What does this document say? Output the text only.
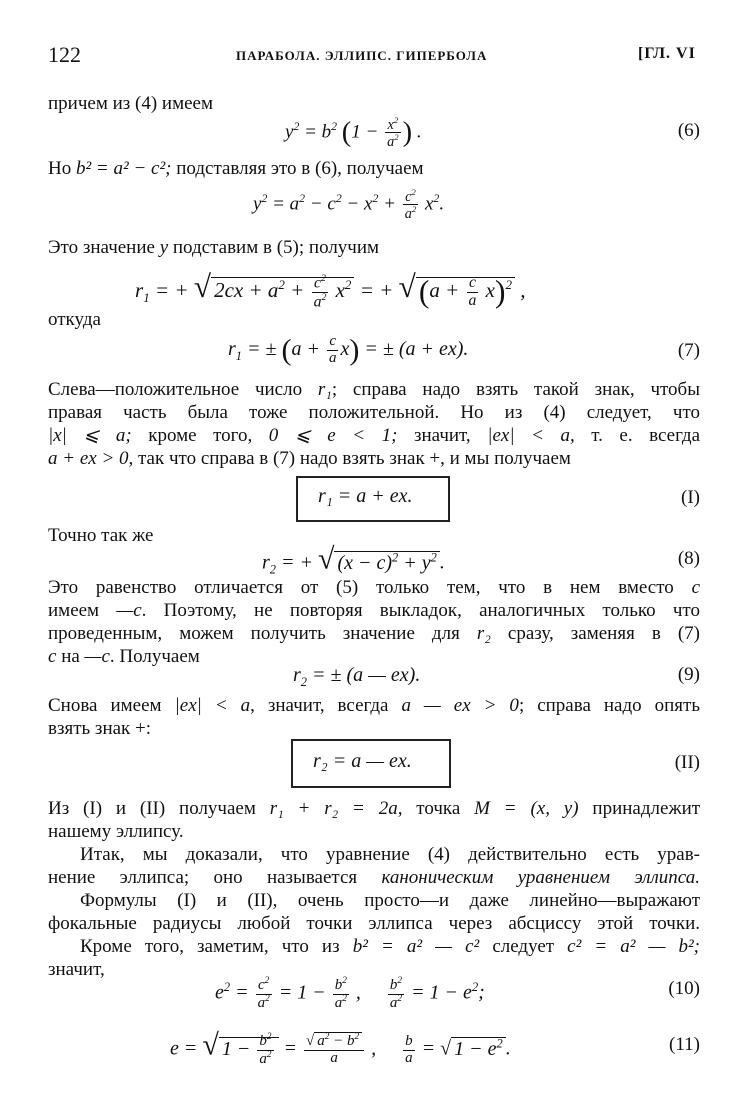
122	ПАРАБОЛА. ЭЛЛИПС. ГИПЕРБОЛА	[ГЛ. VI
причем из (4) имеем
$y^2 = b^2$ ($1 - \frac{x^2}{a^2}$ ) .	(6)
Но b² = a² − c²; подставляя это в (6), получаем
$y^2 = a^2 - c^2 - x^2 + \frac{c^2}{a^2} x^2$.
Это значение y подставим в (5); получим
$r_1$ = + √ $2cx + a^2 + \frac{c^2}{a^2} x^2$ = + $√(a + \frac{c}{a} x)^2$ ,
откуда
$r_1$ = ± $(a + \frac{c}{a} x)$ = ± (a + ex).	(7)
Слева—положительное число r₁; справа надо взять такой знак, чтобы
правая часть была тоже положительной. Но из (4) следует, что
|x| ⩽ a; кроме того, 0 ⩽ e < 1; значит, |ex| < a, т. е. всегда
a + ex > 0, так что справа в (7) надо взять знак +, и мы получаем
r₁ = a + ex.	(I)
Точно так же
$r_2$ = + √ $(x - c)^2 + y^2$ .	(8)
Это равенство отличается от (5) только тем, что в нем вместо c
имеем —c. Поэтому, не повторяя выкладок, аналогичных только что
проведенным, можем получить значение для r₂ сразу, заменяя в (7)
c на —c. Получаем
$r_2$ = ± (a — ex).	(9)
Снова имеем |ex| < a, значит, всегда a — ex > 0; справа надо опять
взять знак +:
r₂ = a — ex.	(II)
Из (I) и (II) получаем r₁ + r₂ = 2a, точка M = (x, y) принадлежит
нашему эллипсу.
Итак, мы доказали, что уравнение (4) действительно есть урав-
нение эллипса; оно называется каноническим уравнением эллипса.
Формулы (I) и (II), очень просто—и даже линейно—выражают
фокальные радиусы любой точки эллипса через абсциссу этой точки.
Кроме того, заметим, что из b² = a² — c² следует c² = a² — b²;
значит,
$e^2 = \frac{c^2}{a^2} = 1 - \frac{b^2}{a^2}$ , $\frac{b^2}{a^2} = 1 - e^2$;	(10)
e = √ $1 - \frac{b^2}{a^2} = \frac{√ a^2 - b^2}{a}$ , $\frac{b}{a}$ = √ $1 - e^2$ .	(11)
